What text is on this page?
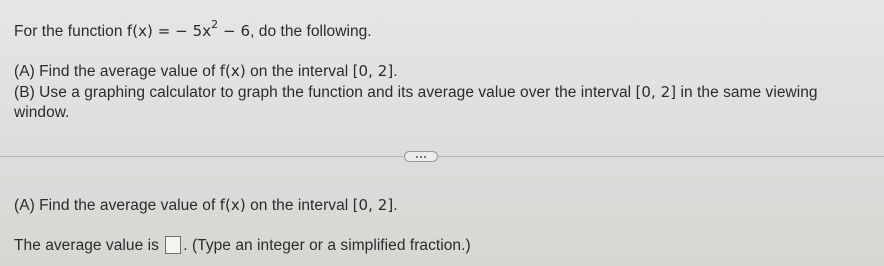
For the function f(x) = − $5x^2 - 6$, do the following.
(A) Find the average value of f(x) on the interval [0, 2].
(B) Use a graphing calculator to graph the function and its average value over the interval [0, 2] in the same viewing
window.
(A) Find the average value of f(x) on the interval [0, 2].
The average value is . (Type an integer or a simplified fraction.)
